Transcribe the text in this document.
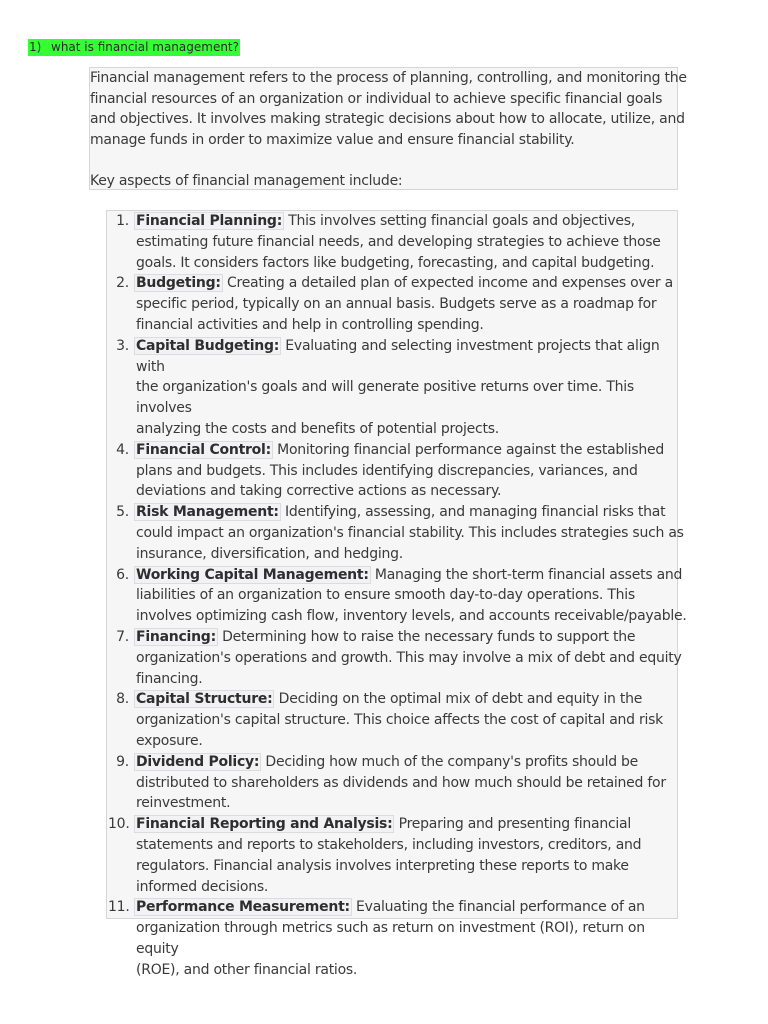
1) what is financial management?

Financial management refers to the process of planning, controlling, and monitoring the
financial resources of an organization or individual to achieve specific financial goals
and objectives. It involves making strategic decisions about how to allocate, utilize, and
manage funds in order to maximize value and ensure financial stability.

Key aspects of financial management include:

1. Financial Planning: This involves setting financial goals and objectives,
estimating future financial needs, and developing strategies to achieve those
goals. It considers factors like budgeting, forecasting, and capital budgeting.
2. Budgeting: Creating a detailed plan of expected income and expenses over a
specific period, typically on an annual basis. Budgets serve as a roadmap for
financial activities and help in controlling spending.
3. Capital Budgeting: Evaluating and selecting investment projects that align with
the organization's goals and will generate positive returns over time. This involves
analyzing the costs and benefits of potential projects.
4. Financial Control: Monitoring financial performance against the established
plans and budgets. This includes identifying discrepancies, variances, and
deviations and taking corrective actions as necessary.
5. Risk Management: Identifying, assessing, and managing financial risks that
could impact an organization's financial stability. This includes strategies such as
insurance, diversification, and hedging.
6. Working Capital Management: Managing the short-term financial assets and
liabilities of an organization to ensure smooth day-to-day operations. This
involves optimizing cash flow, inventory levels, and accounts receivable/payable.
7. Financing: Determining how to raise the necessary funds to support the
organization's operations and growth. This may involve a mix of debt and equity
financing.
8. Capital Structure: Deciding on the optimal mix of debt and equity in the
organization's capital structure. This choice affects the cost of capital and risk
exposure.
9. Dividend Policy: Deciding how much of the company's profits should be
distributed to shareholders as dividends and how much should be retained for
reinvestment.
10. Financial Reporting and Analysis: Preparing and presenting financial
statements and reports to stakeholders, including investors, creditors, and
regulators. Financial analysis involves interpreting these reports to make
informed decisions.
11. Performance Measurement: Evaluating the financial performance of an
organization through metrics such as return on investment (ROI), return on equity
(ROE), and other financial ratios.
